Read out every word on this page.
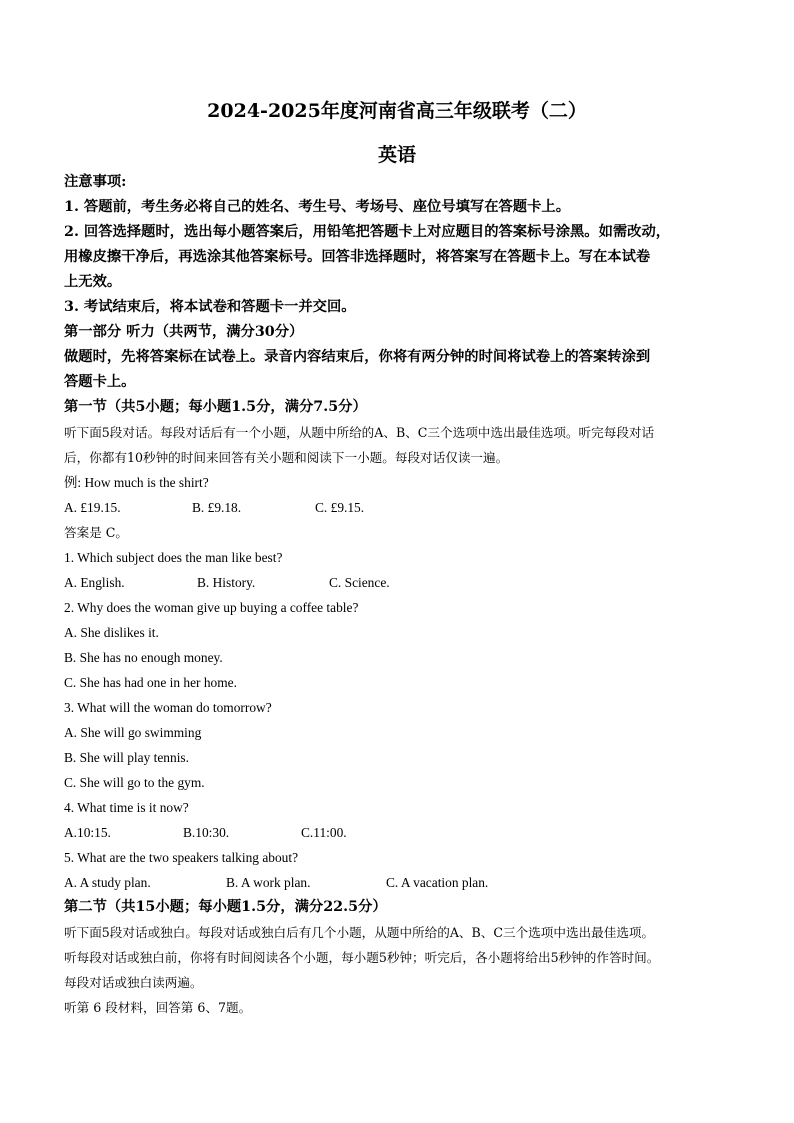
2024-2025年度河南省高三年级联考（二）
英语
注意事项:
1. 答题前，考生务必将自己的姓名、考生号、考场号、座位号填写在答题卡上。
2. 回答选择题时，选出每小题答案后，用铅笔把答题卡上对应题目的答案标号涂黑。如需改动，
用橡皮擦干净后，再选涂其他答案标号。回答非选择题时，将答案写在答题卡上。写在本试卷
上无效。
3. 考试结束后，将本试卷和答题卡一并交回。
第一部分 听力（共两节，满分30分）
做题时，先将答案标在试卷上。录音内容结束后，你将有两分钟的时间将试卷上的答案转涂到
答题卡上。
第一节（共5小题；每小题1.5分，满分7.5分）
听下面5段对话。每段对话后有一个小题，从题中所给的A、B、C三个选项中选出最佳选项。听完每段对话
后，你都有10秒钟的时间来回答有关小题和阅读下一小题。每段对话仅读一遍。
例: How much is the shirt?
A. £19.15.	B. £9.18.	C. £9.15.
答案是 C。
1. Which subject does the man like best?
A. English.	B. History.	C. Science.
2. Why does the woman give up buying a coffee table?
A. She dislikes it.
B. She has no enough money.
C. She has had one in her home.
3. What will the woman do tomorrow?
A. She will go swimming
B. She will play tennis.
C. She will go to the gym.
4. What time is it now?
A.10:15.	B.10:30.	C.11:00.
5. What are the two speakers talking about?
A. A study plan.	B. A work plan.	C. A vacation plan.
第二节（共15小题；每小题1.5分，满分22.5分）
听下面5段对话或独白。每段对话或独白后有几个小题，从题中所给的A、B、C三个选项中选出最佳选项。
听每段对话或独白前，你将有时间阅读各个小题，每小题5秒钟；听完后，各小题将给出5秒钟的作答时间。
每段对话或独白读两遍。
听第 6 段材料，回答第 6、7题。
